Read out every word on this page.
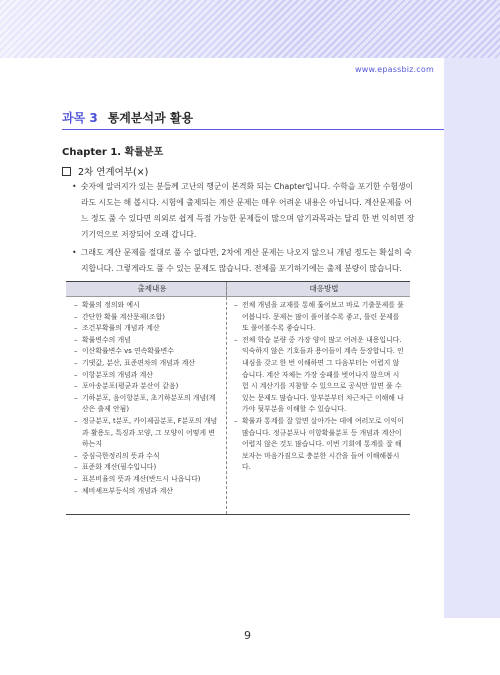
www.epassbiz.com
과목 3 통계분석과 활용
Chapter 1. 확률분포
2차 연계여부(×)
• 숫자에 알러지가 있는 분들께 고난의 행군이 본격화 되는 Chapter입니다. 수학을 포기한 수험생이라도 시도는 해 봅시다. 시험에 출제되는 계산 문제는 매우 어려운 내용은 아닙니다. 계산문제를 어느 정도 풀 수 있다면 의외로 쉽게 득점 가능한 문제들이 많으며 암기과목과는 달리 한 번 익히면 장기기억으로 저장되어 오래 갑니다.
• 그래도 계산 문제를 절대로 풀 수 없다면, 2차에 계산 문제는 나오지 않으니 개념 정도는 확실히 숙지합니다. 그렇게라도 풀 수 있는 문제도 많습니다. 전체를 포기하기에는 출제 분량이 많습니다.
출제내용	대응방법
– 확률의 정의와 예시
– 간단한 확률 계산문제(조합)
– 조건부확률의 개념과 계산
– 확률변수의 개념
– 이산확률변수 vs 연속확률변수
– 기댓값, 분산, 표준편차의 개념과 계산
– 이항분포의 개념과 계산
– 포아송분포(평균과 분산이 같음)
– 기하분포, 음이항분포, 초기하분포의 개념(계산은 출제 안됨)
– 정규분포, t분포, 카이제곱분포, F분포의 개념과 활용도, 특징과 모양, 그 모양이 어떻게 변하는지
– 중심극한정리의 뜻과 수식
– 표준화 계산(필수입니다)
– 표본비율의 뜻과 계산(반드시 나옵니다)
– 체비셰프부등식의 개념과 계산
– 전체 개념을 교재를 통해 훑어보고 바로 기출문제를 풀어봅니다. 문제는 많이 풀어볼수록 좋고, 틀린 문제를 또 풀어볼수록 좋습니다.
– 전체 학습 분량 중 가장 양이 많고 어려운 내용입니다. 익숙하지 않은 기호들과 용어들이 계속 등장합니다. 인내심을 갖고 한 번 이해하면 그 다음부터는 어렵지 않습니다. 계산 자체는 가장 숭패를 벗어나지 않으며 시험 시 계산기를 지참할 수 있으므로 공식만 알면 풀 수 있는 문제도 많습니다. 앞부분부터 차근차근 이해해 나가야 뒷부분을 이해할 수 있습니다.
– 확률과 통계를 잘 알면 살아가는 데에 여러모로 이익이 많습니다. 정규분포나 이항확률분포 등 개념과 계산이 어렵지 않은 것도 많습니다. 이번 기회에 통계를 잘 해 보자는 마음가짐으로 충분한 시간을 들여 이해해봅시다.
9
